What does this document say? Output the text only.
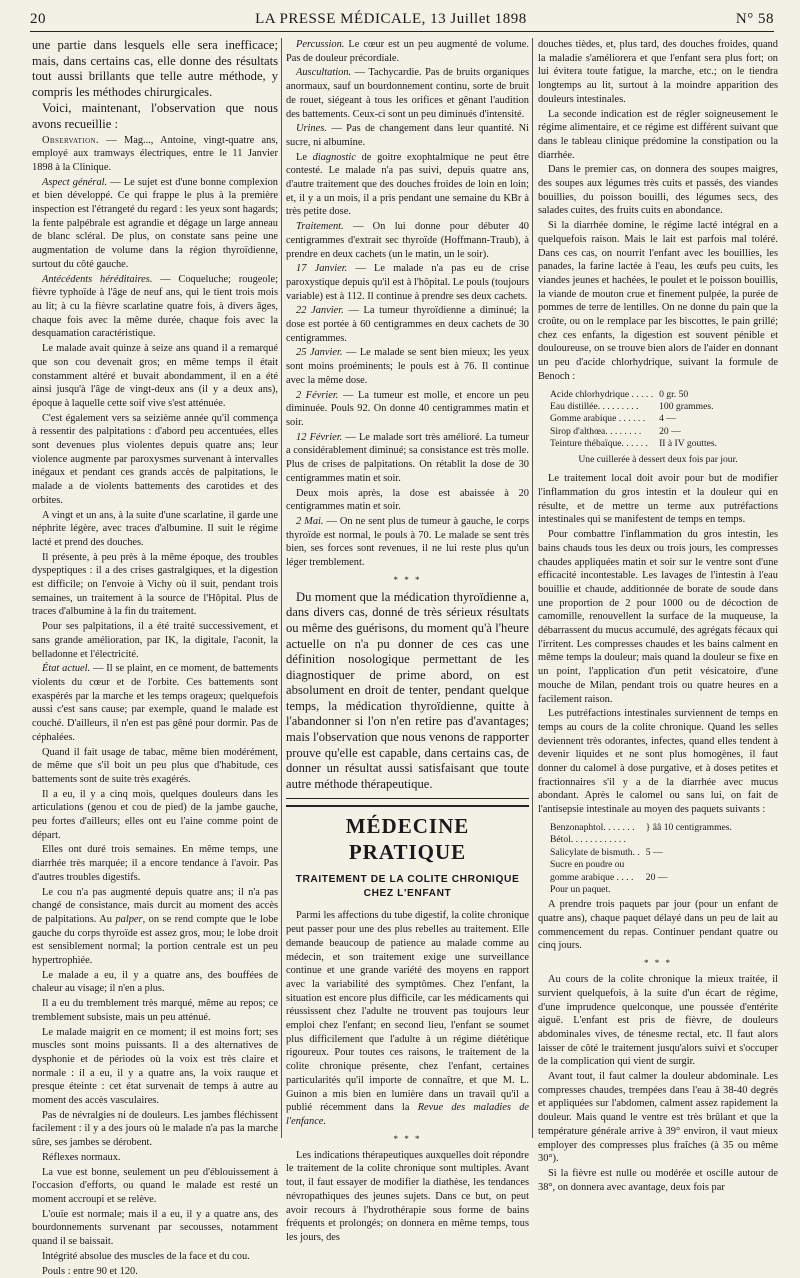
20	LA PRESSE MÉDICALE, 13 Juillet 1898	N° 58

une partie dans lesquels elle sera inefficace; mais, dans certains cas, elle donne des résultats tout aussi brillants que telle autre méthode, y compris les méthodes chirurgicales.

Voici, maintenant, l'observation que nous avons recueillie :

Observation. — Mag..., Antoine, vingt-quatre ans, employé aux tramways électriques, entre le 11 Janvier 1898 à la Clinique.

Aspect général. — Le sujet est d'une bonne complexion et bien développé. Ce qui frappe le plus à la première inspection est l'étrangeté du regard : les yeux sont hagards; la fente palpébrale est agrandie et dégage un large anneau de blanc scléral. De plus, on constate sans peine une augmentation de volume dans la région thyroïdienne, surtout du côté gauche.

Antécédents héréditaires. — Coqueluche; rougeole; fièvre typhoïde à l'âge de neuf ans, qui le tient trois mois au lit; à cu la fièvre scarlatine quatre fois, à divers âges, chaque fois avec la même durée, chaque fois avec la desquamation caractéristique.

Le malade avait quinze à seize ans quand il a remarqué que son cou devenait gros; en même temps il était constamment altéré et buvait abondamment, il en a été ainsi jusqu'à l'âge de vingt-deux ans (il y a deux ans), époque à laquelle cette soif vive s'est atténuée.

C'est également vers sa seizième année qu'il commença à ressentir des palpitations : d'abord peu accentuées, elles sont devenues plus violentes depuis quatre ans; leur violence augmente par paroxysmes survenant à intervalles inégaux et pendant ces grands accès de palpitations, le malade a de violents battements des carotides et des orbites.

A vingt et un ans, à la suite d'une scarlatine, il garde une néphrite légère, avec traces d'albumine. Il suit le régime lacté et prend des douches.

Il présente, à peu près à la même époque, des troubles dyspeptiques : il a des crises gastralgiques, et la digestion est difficile; on l'envoie à Vichy où il suit, pendant trois semaines, un traitement à la source de l'Hôpital. Plus de traces d'albumine à la fin du traitement.

Pour ses palpitations, il a été traité successivement, et sans grande amélioration, par IK, la digitale, l'aconit, la belladonne et l'électricité.

État actuel. — Il se plaint, en ce moment, de battements violents du cœur et de l'orbite. Ces battements sont exaspérés par la marche et les temps orageux; quelquefois aussi c'est sans cause; par exemple, quand le malade est couché. D'ailleurs, il n'en est pas gêné pour dormir. Pas de céphalées.

Quand il fait usage de tabac, même bien modérément, de même que s'il boit un peu plus que d'habitude, ces battements sont de suite très exagérés.

Il a eu, il y a cinq mois, quelques douleurs dans les articulations (genou et cou de pied) de la jambe gauche, peu fortes d'ailleurs; elles ont eu l'aine comme point de départ.

Elles ont duré trois semaines. En même temps, une diarrhée très marquée; il a encore tendance à l'avoir. Pas d'autres troubles digestifs.

Le cou n'a pas augmenté depuis quatre ans; il n'a pas changé de consistance, mais durcit au moment des accès de palpitations. Au palper, on se rend compte que le lobe gauche du corps thyroïde est assez gros, mou; le lobe droit est sensiblement normal; la portion centrale est un peu hypertrophiée.

Le malade a eu, il y a quatre ans, des bouffées de chaleur au visage; il n'en a plus.

Il a eu du tremblement très marqué, même au repos; ce tremblement subsiste, mais un peu atténué.

Le malade maigrit en ce moment; il est moins fort; ses muscles sont moins puissants. Il a des alternatives de dysphonie et de périodes où la voix est très claire et normale : il a eu, il y a quatre ans, la voix rauque et presque éteinte : cet état survenait de temps à autre au moment des accès vasculaires.

Pas de névralgies ni de douleurs. Les jambes fléchissent facilement : il y a des jours où le malade n'a pas la marche sûre, ses jambes se dérobent.

Réflexes normaux.

La vue est bonne, seulement un peu d'éblouissement à l'occasion d'efforts, ou quand le malade est resté un moment accroupi et se relève.

L'ouïe est normale; mais il a eu, il y a quatre ans, des bourdonnements survenant par secousses, notamment quand il se baissait.

Intégrité absolue des muscles de la face et du cou.

Pouls : entre 90 et 120.

Percussion. Le cœur est un peu augmenté de volume. Pas de douleur précordiale.

Auscultation. — Tachycardie. Pas de bruits organiques anormaux, sauf un bourdonnement continu, sorte de bruit de rouet, siégeant à tous les orifices et gênant l'audition des battements. Ceux-ci sont un peu diminués d'intensité.

Urines. — Pas de changement dans leur quantité. Ni sucre, ni albumine.

Le diagnostic de goitre exophtalmique ne peut être contesté. Le malade n'a pas suivi, depuis quatre ans, d'autre traitement que des douches froides de loin en loin; et, il y a un mois, il a pris pendant une semaine du KBr à très petite dose.

Traitement. — On lui donne pour débuter 40 centigrammes d'extrait sec thyroïde (Hoffmann-Traub), à prendre en deux cachets (un le matin, un le soir).

17 Janvier. — Le malade n'a pas eu de crise paroxystique depuis qu'il est à l'hôpital. Le pouls (toujours variable) est à 112. Il continue à prendre ses deux cachets.

22 Janvier. — La tumeur thyroïdienne a diminué; la dose est portée à 60 centigrammes en deux cachets de 30 centigrammes.

25 Janvier. — Le malade se sent bien mieux; les yeux sont moins proéminents; le pouls est à 76. Il continue avec la même dose.

2 Février. — La tumeur est molle, et encore un peu diminuée. Pouls 92. On donne 40 centigrammes matin et soir.

12 Février. — Le malade sort très amélioré. La tumeur a considérablement diminué; sa consistance est très molle. Plus de crises de palpitations. On rétablit la dose de 30 centigrammes matin et soir.

Deux mois après, la dose est abaissée à 20 centigrammes matin et soir.

2 Mai. — On ne sent plus de tumeur à gauche, le corps thyroïde est normal, le pouls à 70. Le malade se sent très bien, ses forces sont revenues, il ne lui reste plus qu'un léger tremblement.

* * *

Du moment que la médication thyroïdienne a, dans divers cas, donné de très sérieux résultats ou même des guérisons, du moment qu'à l'heure actuelle on n'a pu donner de ces cas une définition nosologique permettant de les diagnostiquer de prime abord, on est absolument en droit de tenter, pendant quelque temps, la médication thyroïdienne, quitte à l'abandonner si l'on n'en retire pas d'avantages; mais l'observation que nous venons de rapporter prouve qu'elle est capable, dans certains cas, de donner un résultat aussi satisfaisant que toute autre méthode thérapeutique.

MÉDECINE PRATIQUE
TRAITEMENT DE LA COLITE CHRONIQUE
CHEZ L'ENFANT

Parmi les affections du tube digestif, la colite chronique peut passer pour une des plus rebelles au traitement. Elle demande beaucoup de patience au malade comme au médecin, et son traitement exige une surveillance continue et une grande variété des moyens en rapport avec la variabilité des symptômes. Chez l'enfant, la situation est encore plus difficile, car les médicaments qui réussissent chez l'adulte ne trouvent pas toujours leur emploi chez l'enfant; en second lieu, l'enfant se soumet plus difficilement que l'adulte à un régime diététique rigoureux. Pour toutes ces raisons, le traitement de la colite chronique présente, chez l'enfant, certaines particularités qu'il importe de connaître, et que M. L. Guinon a mis bien en lumière dans un travail qu'il a publié récemment dans la Revue des maladies de l'enfance.

* * *

Les indications thérapeutiques auxquelles doit répondre le traitement de la colite chronique sont multiples. Avant tout, il faut essayer de modifier la diathèse, les tendances névropathiques des jeunes sujets. Dans ce but, on peut avoir recours à l'hydrothérapie sous forme de bains fréquents et prolongés; on donnera en même temps, tous les jours, des

douches tièdes, et, plus tard, des douches froides, quand la maladie s'améliorera et que l'enfant sera plus fort; on lui évitera toute fatigue, la marche, etc.; on le tiendra longtemps au lit, surtout à la moindre apparition des douleurs intestinales.

La seconde indication est de régler soigneusement le régime alimentaire, et ce régime est différent suivant que dans le tableau clinique prédomine la constipation ou la diarrhée.

Dans le premier cas, on donnera des soupes maigres, des soupes aux légumes très cuits et passés, des viandes bouillies, du poisson bouilli, des légumes secs, des salades cuites, des fruits cuits en abondance.

Si la diarrhée domine, le régime lacté intégral en a quelquefois raison. Mais le lait est parfois mal toléré. Dans ces cas, on nourrit l'enfant avec les bouillies, les panades, la farine lactée à l'eau, les œufs peu cuits, les viandes jeunes et hachées, le poulet et le poisson bouillis, la viande de mouton crue et finement pulpée, la purée de pommes de terre de lentilles. On ne donne du pain que la croûte, ou on le remplace par les biscottes, le pain grillé; chez ces enfants, la digestion est souvent pénible et douloureuse, on se trouve bien alors de l'aider en donnant un peu d'acide chlorhydrique, suivant la formule de Benoch :

Acide chlorhydrique . . . . .	0 gr. 50
Eau distillée. . . . . . . . .	100 grammes.
Gomme arabique . . . . . .	4 —
Sirop d'althœa. . . . . . . .	20 —
Teinture thébaïque. . . . . .	II à IV gouttes.
Une cuillerée à dessert deux fois par jour.

Le traitement local doit avoir pour but de modifier l'inflammation du gros intestin et la douleur qui en résulte, et de mettre un terme aux putréfactions intestinales qui se manifestent de temps en temps.

Pour combattre l'inflammation du gros intestin, les bains chauds tous les deux ou trois jours, les compresses chaudes appliquées matin et soir sur le ventre sont d'une efficacité incontestable. Les lavages de l'intestin à l'eau bouillie et chaude, additionnée de borate de soude dans une proportion de 2 pour 1000 ou de décoction de camomille, renouvellent la surface de la muqueuse, la débarrassent du mucus accumulé, des agrégats fécaux qui l'irritent. Les compresses chaudes et les bains calment en même temps la douleur; mais quand la douleur se fixe en un point, l'application d'un petit vésicatoire, d'une mouche de Milan, pendant trois ou quatre heures en a facilement raison.

Les putréfactions intestinales surviennent de temps en temps au cours de la colite chronique. Quand les selles deviennent très odorantes, infectes, quand elles tendent à devenir liquides et ne sont plus homogènes, il faut donner du calomel à dose purgative, et à doses petites et fractionnaires s'il y a de la diarrhée avec mucus abondant. Après le calomel ou sans lui, on fait de l'antisepsie intestinale au moyen des paquets suivants :

Benzonaphtol. . . . . . .	} ââ 10 centigrammes.
Bétol. . . . . . . . . . . .	
Salicylate de bismuth. .	5 —
Sucre en poudre ou	
gomme arabique . . . .	20 —
Pour un paquet.	

A prendre trois paquets par jour (pour un enfant de quatre ans), chaque paquet délayé dans un peu de lait au commencement du repas. Continuer pendant quatre ou cinq jours.

* * *

Au cours de la colite chronique la mieux traitée, il survient quelquefois, à la suite d'un écart de régime, d'une imprudence quelconque, une poussée d'entérite aiguë. L'enfant est pris de fièvre, de douleurs abdominales vives, de ténesme rectal, etc. Il faut alors laisser de côté le traitement jusqu'alors suivi et s'occuper de la complication qui vient de surgir.

Avant tout, il faut calmer la douleur abdominale. Les compresses chaudes, trempées dans l'eau à 38-40 degrés et appliquées sur l'abdomen, calment assez rapidement la douleur. Mais quand le ventre est très brûlant et que la température générale arrive à 39° environ, il vaut mieux employer des compresses plus fraîches (à 35 ou même 30°).

Si la fièvre est nulle ou modérée et oscille autour de 38°, on donnera avec avantage, deux fois par
